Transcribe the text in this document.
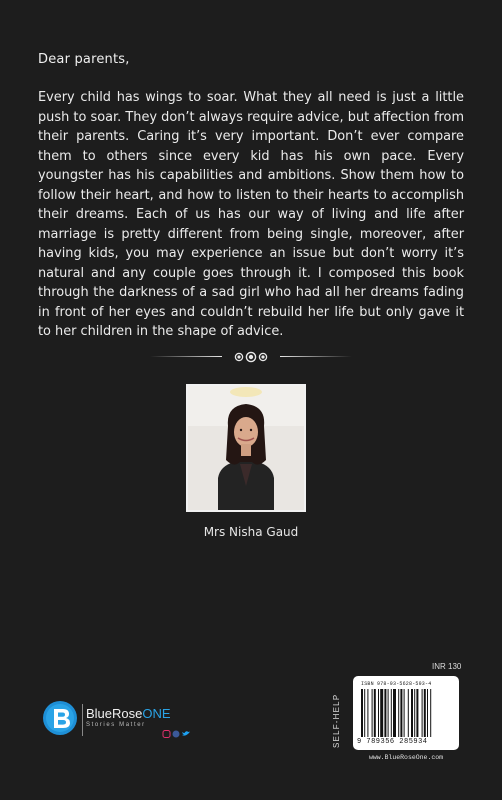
Dear parents,

Every child has wings to soar. What they all need is just a little push to soar. They don’t always require advice, but affection from their parents. Caring it’s very important. Don’t ever compare them to others since every kid has his own pace. Every youngster has his capabilities and ambitions. Show them how to follow their heart, and how to listen to their hearts to accomplish their dreams. Each of us has our way of living and life after marriage is pretty different from being single, moreover, after having kids, you may experience an issue but don’t worry it’s natural and any couple goes through it. I composed this book through the darkness of a sad girl who had all her dreams fading in front of her eyes and couldn’t rebuild her life but only gave it to her children in the shape of advice.

Mrs Nisha Gaud
BlueRoseONE
Stories Matter
INR 130
SELF-HELP
ISBN 978-93-5628-593-4
9 789356 285934
www.BlueRoseOne.com
